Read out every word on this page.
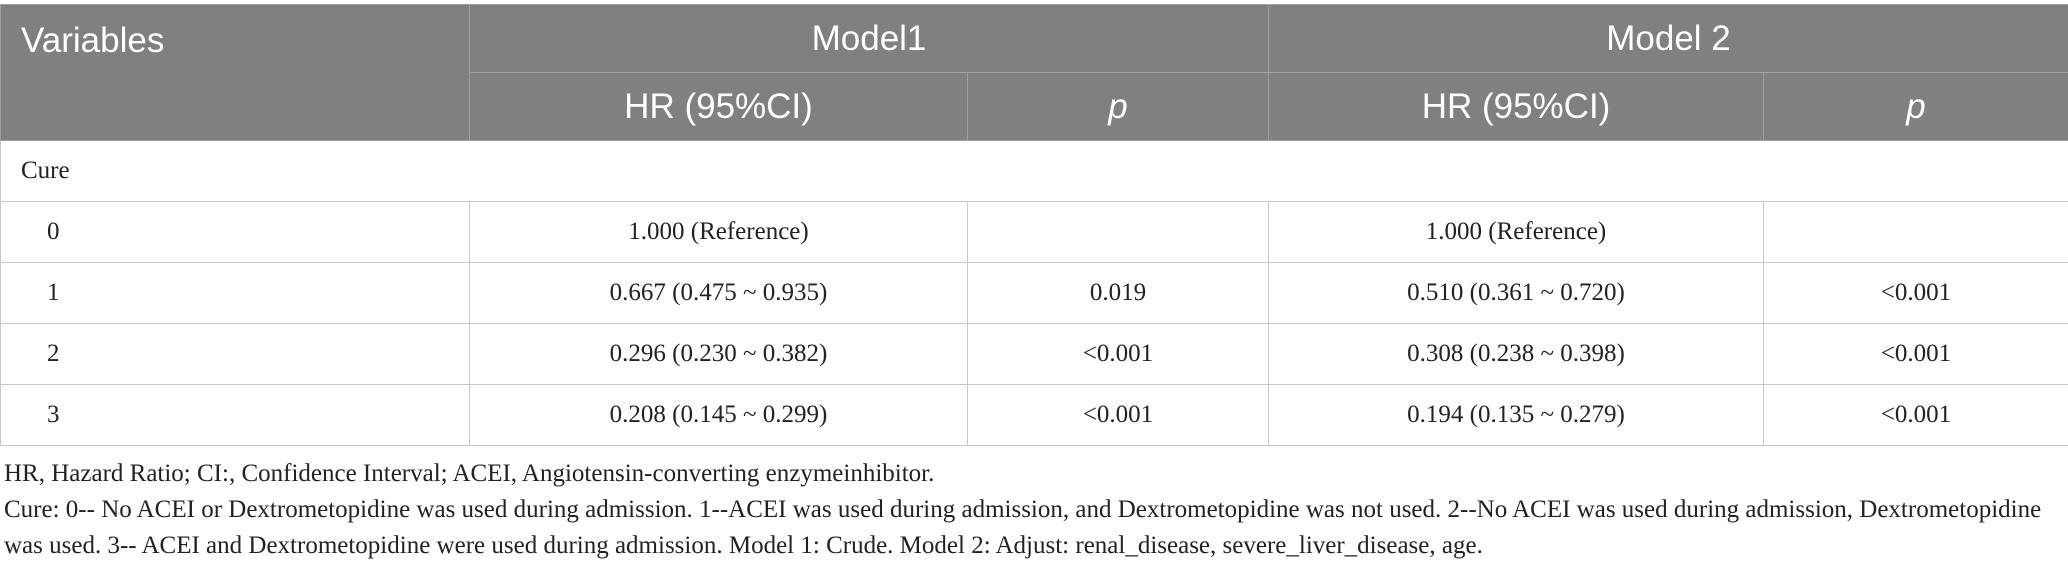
Variables	Model1		Model 2	
	HR (95%CI)	p	HR (95%CI)	p
Cure				
0	1.000 (Reference)		1.000 (Reference)	
1	0.667 (0.475 ~ 0.935)	0.019	0.510 (0.361 ~ 0.720)	<0.001
2	0.296 (0.230 ~ 0.382)	<0.001	0.308 (0.238 ~ 0.398)	<0.001
3	0.208 (0.145 ~ 0.299)	<0.001	0.194 (0.135 ~ 0.279)	<0.001

HR, Hazard Ratio; CI:, Confidence Interval; ACEI, Angiotensin-converting enzymeinhibitor.

Cure: 0-- No ACEI or Dextrometopidine was used during admission. 1--ACEI was used during admission, and Dextrometopidine was not used. 2--No ACEI was used during admission, Dextrometopidine was used. 3-- ACEI and Dextrometopidine were used during admission. Model 1: Crude. Model 2: Adjust: renal_disease, severe_liver_disease, age.
